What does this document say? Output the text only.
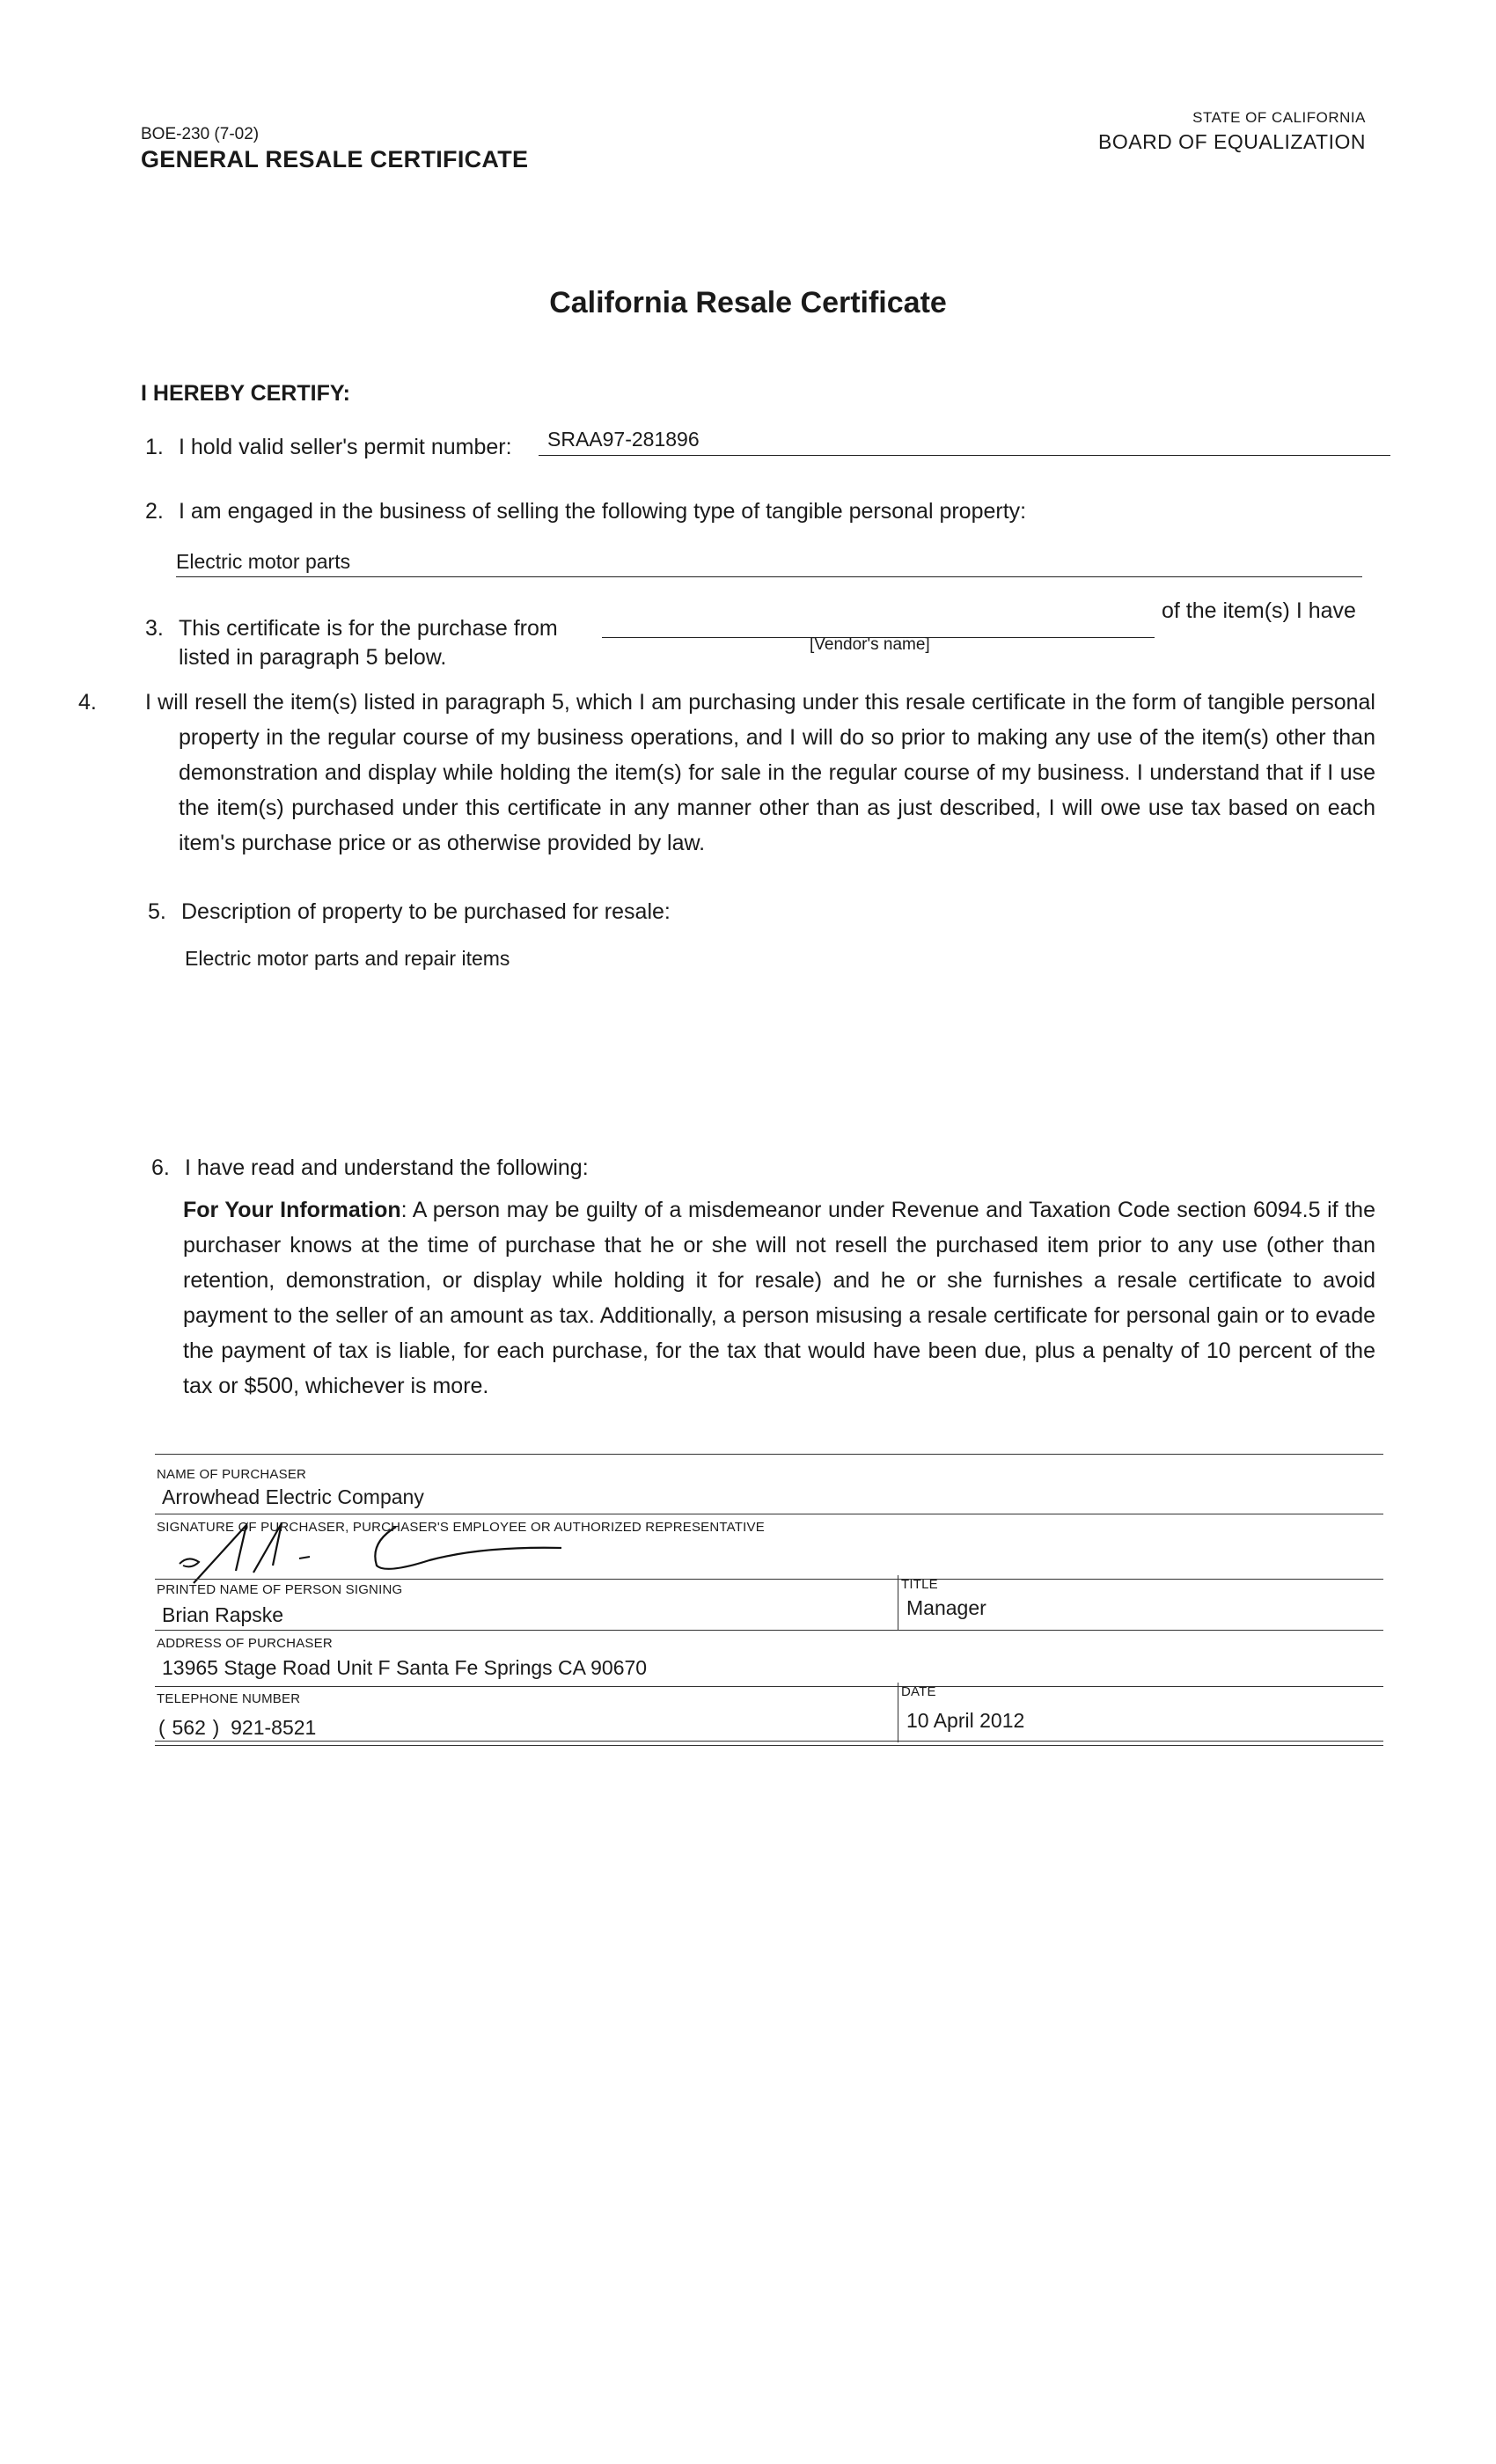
BOE-230 (7-02)
GENERAL RESALE CERTIFICATE
STATE OF CALIFORNIA
BOARD OF EQUALIZATION
California Resale Certificate
I HEREBY CERTIFY:
1. I hold valid seller's permit number: SRAA97-281896
2. I am engaged in the business of selling the following type of tangible personal property:
Electric motor parts
3. This certificate is for the purchase from
of the item(s) I have
listed in paragraph 5 below.
[Vendor's name]
4. I will resell the item(s) listed in paragraph 5, which I am purchasing under this resale certificate in the form of tangible personal property in the regular course of my business operations, and I will do so prior to making any use of the item(s) other than demonstration and display while holding the item(s) for sale in the regular course of my business. I understand that if I use the item(s) purchased under this certificate in any manner other than as just described, I will owe use tax based on each item's purchase price or as otherwise provided by law.
5. Description of property to be purchased for resale:
Electric motor parts and repair items
6. I have read and understand the following:
For Your Information: A person may be guilty of a misdemeanor under Revenue and Taxation Code section 6094.5 if the purchaser knows at the time of purchase that he or she will not resell the purchased item prior to any use (other than retention, demonstration, or display while holding it for resale) and he or she furnishes a resale certificate to avoid payment to the seller of an amount as tax. Additionally, a person misusing a resale certificate for personal gain or to evade the payment of tax is liable, for each purchase, for the tax that would have been due, plus a penalty of 10 percent of the tax or $500, whichever is more.
NAME OF PURCHASER
Arrowhead Electric Company
SIGNATURE OF PURCHASER, PURCHASER'S EMPLOYEE OR AUTHORIZED REPRESENTATIVE
PRINTED NAME OF PERSON SIGNING
Brian Rapske
TITLE
Manager
ADDRESS OF PURCHASER
13965 Stage Road Unit F Santa Fe Springs CA 90670
TELEPHONE NUMBER
( 562 ) 921-8521
DATE
10 April 2012
